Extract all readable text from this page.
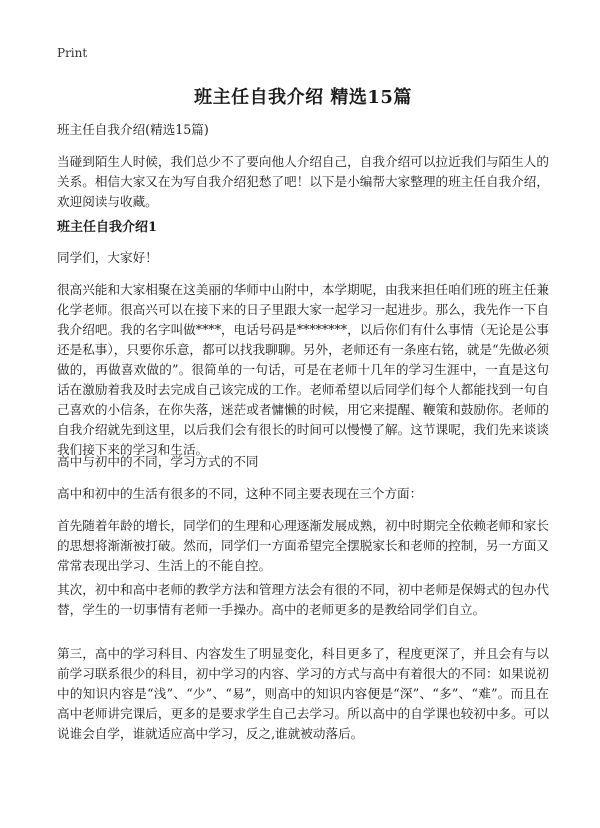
Print
班主任自我介绍 精选15篇

班主任自我介绍(精选15篇)

当碰到陌生人时候，我们总少不了要向他人介绍自己，自我介绍可以拉近我们与陌生人的关系。相信大家又在为写自我介绍犯愁了吧！以下是小编帮大家整理的班主任自我介绍，欢迎阅读与收藏。

班主任自我介绍1

同学们，大家好！

很高兴能和大家相聚在这美丽的华师中山附中，本学期呢，由我来担任咱们班的班主任兼化学老师。很高兴可以在接下来的日子里跟大家一起学习一起进步。那么，我先作一下自我介绍吧。我的名字叫做****，电话号码是********，以后你们有什么事情（无论是公事还是私事），只要你乐意，都可以找我聊聊。另外，老师还有一条座右铭，就是“先做必须做的，再做喜欢做的”。很简单的一句话，可是在老师十几年的学习生涯中，一直是这句话在激励着我及时去完成自己该完成的工作。老师希望以后同学们每个人都能找到一句自己喜欢的小信条，在你失落，迷茫或者慵懒的时候，用它来提醒、鞭策和鼓励你。老师的自我介绍就先到这里，以后我们会有很长的时间可以慢慢了解。这节课呢，我们先来谈谈我们接下来的学习和生活。

高中与初中的不同，学习方式的不同

高中和初中的生活有很多的不同，这种不同主要表现在三个方面：

首先随着年龄的增长，同学们的生理和心理逐渐发展成熟，初中时期完全依赖老师和家长的思想将渐渐被打破。然而，同学们一方面希望完全摆脱家长和老师的控制，另一方面又常常表现出学习、生活上的不能自控。

其次，初中和高中老师的教学方法和管理方法会有很的不同，初中老师是保姆式的包办代替，学生的一切事情有老师一手操办。高中的老师更多的是教给同学们自立。

第三，高中的学习科目、内容发生了明显变化，科目更多了，程度更深了，并且会有与以前学习联系很少的科目，初中学习的内容、学习的方式与高中有着很大的不同：如果说初中的知识内容是“浅”、“少”、“易”，则高中的知识内容便是“深”、“多”、“难”。而且在高中老师讲完课后，更多的是要求学生自己去学习。所以高中的自学课也较初中多。可以说谁会自学，谁就适应高中学习，反之,谁就被动落后。
